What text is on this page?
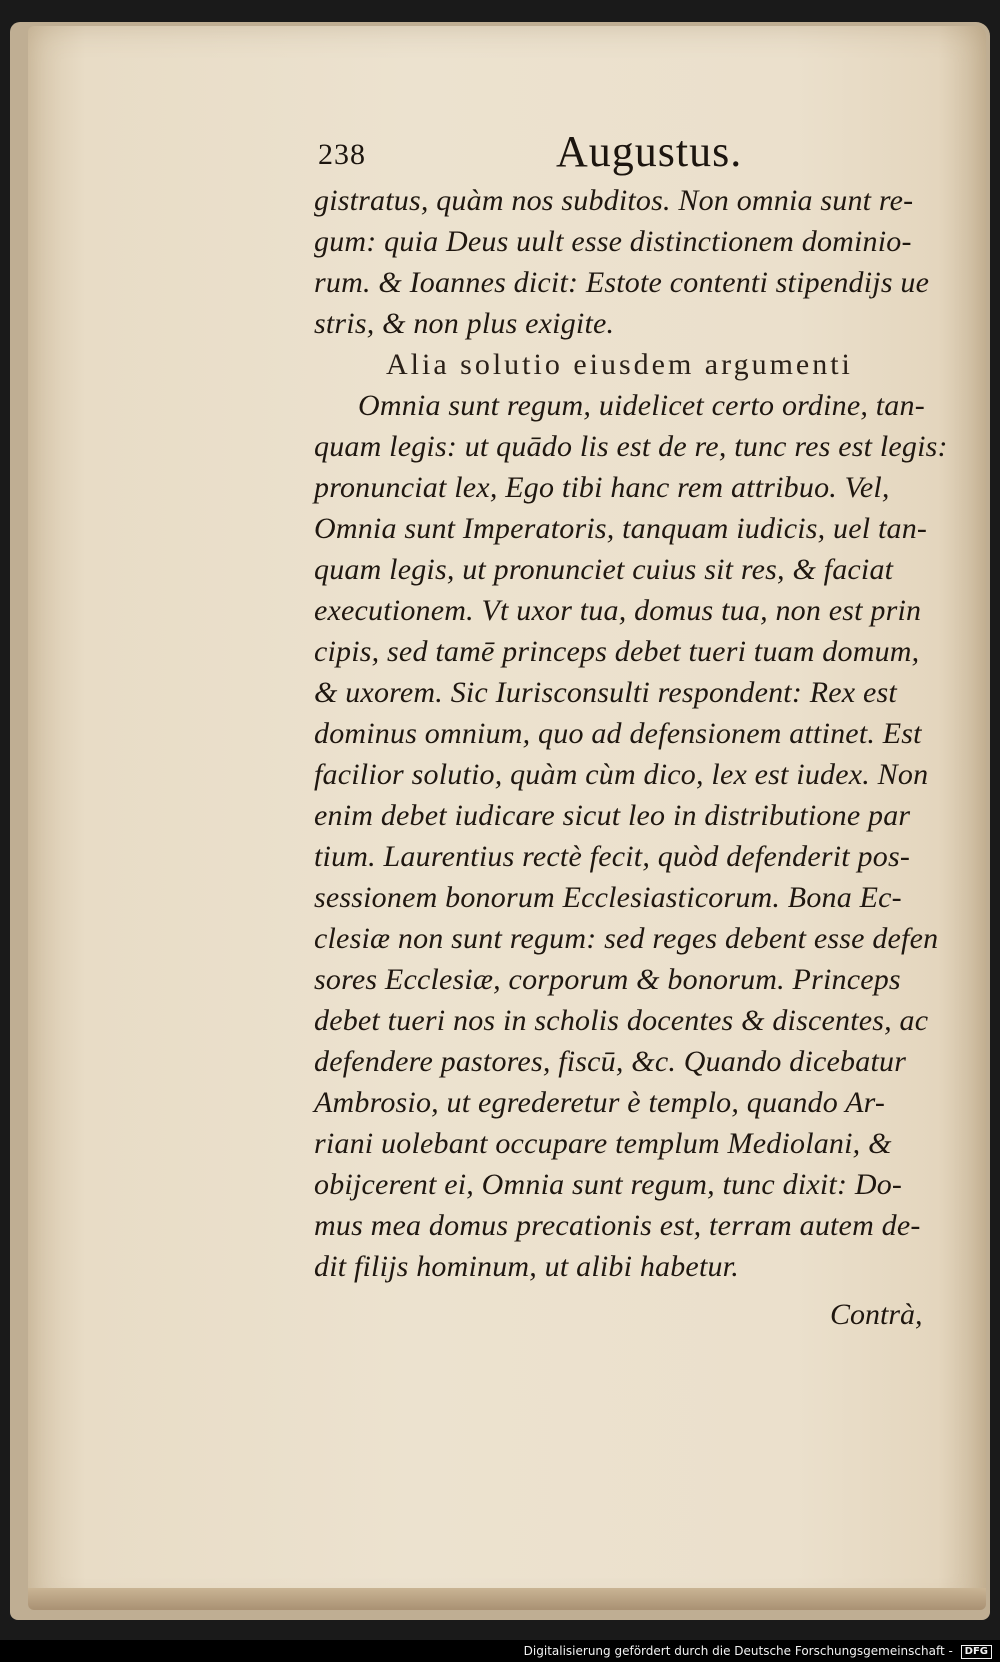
238	Augustus.
gistratus, quàm nos subditos. Non omnia sunt re-
gum: quia Deus uult esse distinctionem dominio-
rum. & Ioannes dicit: Estote contenti stipendijs ue
stris, & non plus exigite.
Alia solutio eiusdem argumenti
Omnia sunt regum, uidelicet certo ordine, tan-
quam legis: ut quādo lis est de re, tunc res est legis:
pronunciat lex, Ego tibi hanc rem attribuo. Vel,
Omnia sunt Imperatoris, tanquam iudicis, uel tan-
quam legis, ut pronunciet cuius sit res, & faciat
executionem. Vt uxor tua, domus tua, non est prin
cipis, sed tamē princeps debet tueri tuam domum,
& uxorem. Sic Iurisconsulti respondent: Rex est
dominus omnium, quo ad defensionem attinet. Est
facilior solutio, quàm cùm dico, lex est iudex. Non
enim debet iudicare sicut leo in distributione par
tium. Laurentius rectè fecit, quòd defenderit pos-
sessionem bonorum Ecclesiasticorum. Bona Ec-
clesiæ non sunt regum: sed reges debent esse defen
sores Ecclesiæ, corporum & bonorum. Princeps
debet tueri nos in scholis docentes & discentes, ac
defendere pastores, fiscū, &c. Quando dicebatur
Ambrosio, ut egrederetur è templo, quando Ar-
riani uolebant occupare templum Mediolani, &
obijcerent ei, Omnia sunt regum, tunc dixit: Do-
mus mea domus precationis est, terram autem de-
dit filijs hominum, ut alibi habetur.
Contrà,
Digitalisierung gefördert durch die Deutsche Forschungsgemeinschaft - DFG
